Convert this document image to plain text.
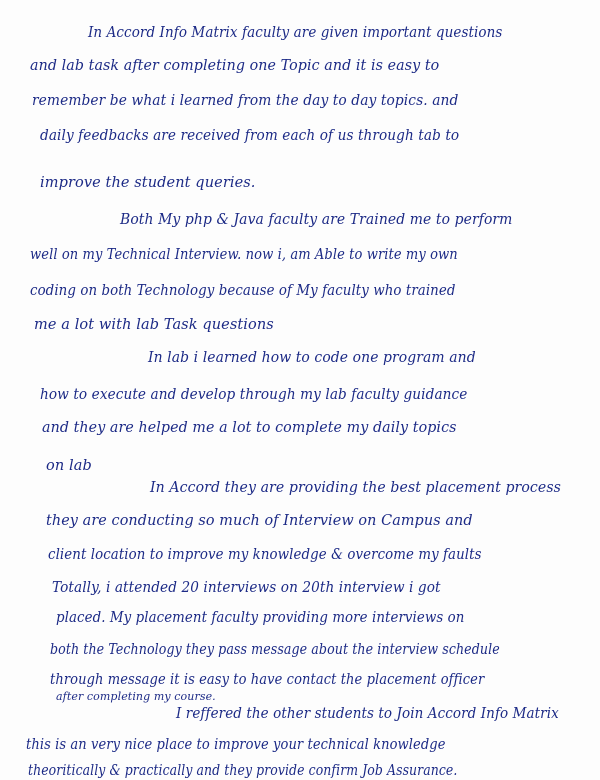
In Accord Info Matrix faculty are given important questions
and lab task after completing one Topic and it is easy to
remember be what i learned from the day to day topics. and
daily feedbacks are received from each of us through tab to
improve the student queries.
Both My php & Java faculty are Trained me to perform
well on my Technical Interview. now i, am Able to write my own
coding on both Technology because of My faculty who trained
me a lot with lab Task questions
In lab i learned how to code one program and
how to execute and develop through my lab faculty guidance
and they are helped me a lot to complete my daily topics
on lab
In Accord they are providing the best placement process
they are conducting so much of Interview on Campus and
client location to improve my knowledge & overcome my faults
Totally, i attended 20 interviews on 20th interview i got
placed. My placement faculty providing more interviews on
both the Technology they pass message about the interview schedule
through message it is easy to have contact the placement officer
after completing my course.
I reffered the other students to Join Accord Info Matrix
this is an very nice place to improve your technical knowledge
theoritically & practically and they provide confirm Job Assurance.
